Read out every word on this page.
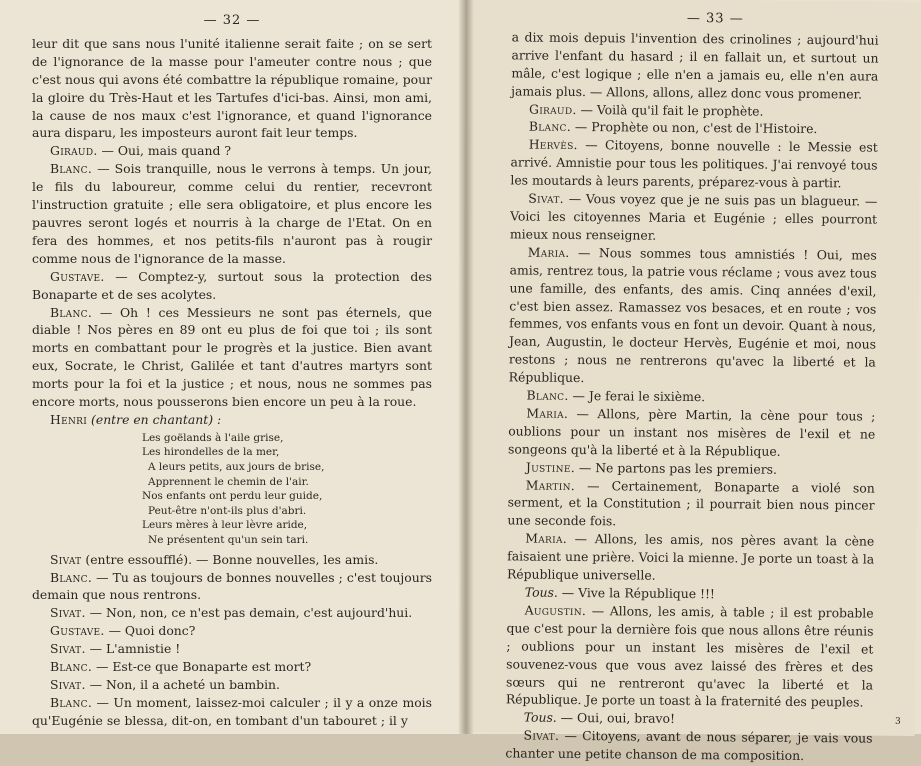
— 32 —

leur dit que sans nous l'unité italienne serait faite ; on se sert de l'ignorance de la masse pour l'ameuter contre nous ; que c'est nous qui avons été combattre la république romaine, pour la gloire du Très-Haut et les Tartufes d'ici-bas. Ainsi, mon ami, la cause de nos maux c'est l'ignorance, et quand l'ignorance aura disparu, les imposteurs auront fait leur temps.

Giraud. — Oui, mais quand ?

Blanc. — Sois tranquille, nous le verrons à temps. Un jour, le fils du laboureur, comme celui du rentier, recevront l'instruction gratuite ; elle sera obligatoire, et plus encore les pauvres seront logés et nourris à la charge de l'Etat. On en fera des hommes, et nos petits-fils n'auront pas à rougir comme nous de l'ignorance de la masse.

Gustave. — Comptez-y, surtout sous la protection des Bonaparte et de ses acolytes.

Blanc. — Oh ! ces Messieurs ne sont pas éternels, que diable ! Nos pères en 89 ont eu plus de foi que toi ; ils sont morts en combattant pour le progrès et la justice. Bien avant eux, Socrate, le Christ, Galilée et tant d'autres martyrs sont morts pour la foi et la justice ; et nous, nous ne sommes pas encore morts, nous pousserons bien encore un peu à la roue.

Henri (entre en chantant) :

Les goëlands à l'aile grise,
Les hirondelles de la mer,
A leurs petits, aux jours de brise,
Apprennent le chemin de l'air.
Nos enfants ont perdu leur guide,
Peut-être n'ont-ils plus d'abri.
Leurs mères à leur lèvre aride,
Ne présentent qu'un sein tari.

Sivat (entre essoufflé). — Bonne nouvelles, les amis.

Blanc. — Tu as toujours de bonnes nouvelles ; c'est toujours demain que nous rentrons.

Sivat. — Non, non, ce n'est pas demain, c'est aujourd'hui.

Gustave. — Quoi donc?

Sivat. — L'amnistie !

Blanc. — Est-ce que Bonaparte est mort?

Sivat. — Non, il a acheté un bambin.

Blanc. — Un moment, laissez-moi calculer ; il y a onze mois qu'Eugénie se blessa, dit-on, en tombant d'un tabouret ; il y

— 33 —

a dix mois depuis l'invention des crinolines ; aujourd'hui arrive l'enfant du hasard ; il en fallait un, et surtout un mâle, c'est logique ; elle n'en a jamais eu, elle n'en aura jamais plus. — Allons, allons, allez donc vous promener.

Giraud. — Voilà qu'il fait le prophète.

Blanc. — Prophète ou non, c'est de l'Histoire.

Hervès. — Citoyens, bonne nouvelle : le Messie est arrivé. Amnistie pour tous les politiques. J'ai renvoyé tous les moutards à leurs parents, préparez-vous à partir.

Sivat. — Vous voyez que je ne suis pas un blagueur. — Voici les citoyennes Maria et Eugénie ; elles pourront mieux nous renseigner.

Maria. — Nous sommes tous amnistiés ! Oui, mes amis, rentrez tous, la patrie vous réclame ; vous avez tous une famille, des enfants, des amis. Cinq années d'exil, c'est bien assez. Ramassez vos besaces, et en route ; vos femmes, vos enfants vous en font un devoir. Quant à nous, Jean, Augustin, le docteur Hervès, Eugénie et moi, nous restons ; nous ne rentrerons qu'avec la liberté et la République.

Blanc. — Je ferai le sixième.

Maria. — Allons, père Martin, la cène pour tous ; oublions pour un instant nos misères de l'exil et ne songeons qu'à la liberté et à la République.

Justine. — Ne partons pas les premiers.

Martin. — Certainement, Bonaparte a violé son serment, et la Constitution ; il pourrait bien nous pincer une seconde fois.

Maria. — Allons, les amis, nos pères avant la cène faisaient une prière. Voici la mienne. Je porte un toast à la République universelle.

Tous. — Vive la République !!!

Augustin. — Allons, les amis, à table ; il est probable que c'est pour la dernière fois que nous allons être réunis ; oublions pour un instant les misères de l'exil et souvenez-vous que vous avez laissé des frères et des sœurs qui ne rentreront qu'avec la liberté et la République. Je porte un toast à la fraternité des peuples.

Tous. — Oui, oui, bravo!

Sivat. — Citoyens, avant de nous séparer, je vais vous chanter une petite chanson de ma composition.

3
